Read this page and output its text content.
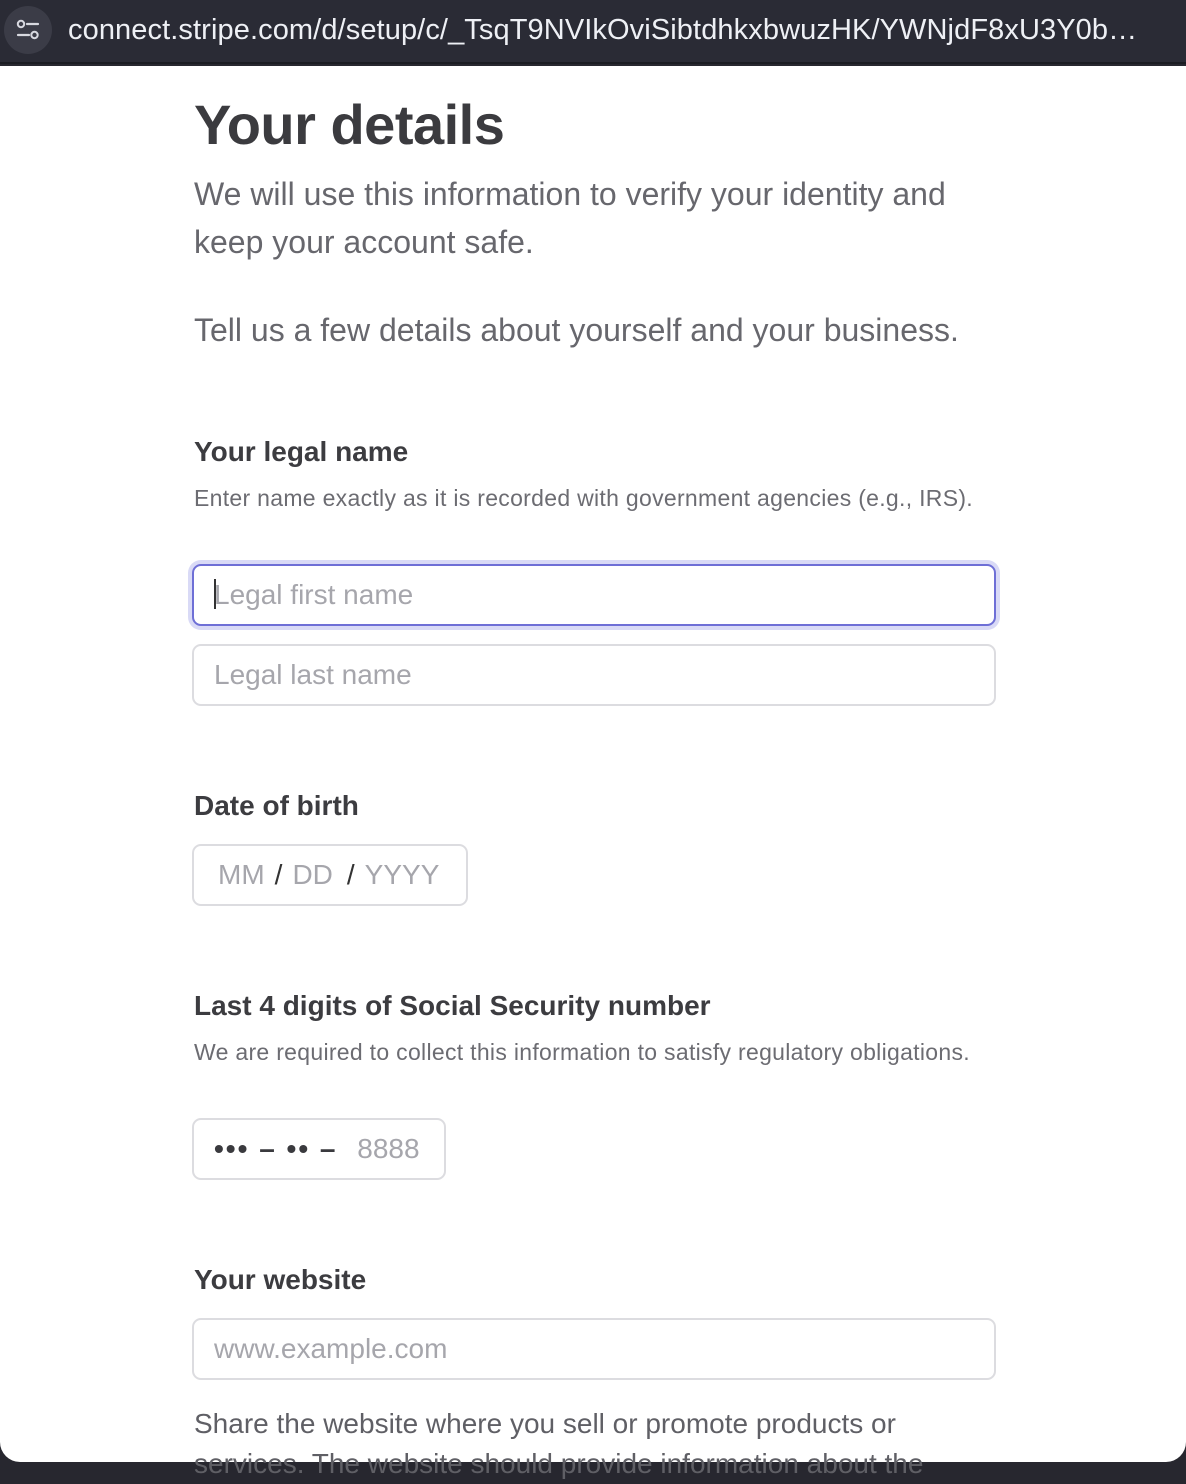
connect.stripe.com/d/setup/c/_TsqT9NVIkOviSibtdhkxbwuzHK/YWNjdF8xU3Y0b…
Your details

We will use this information to verify your identity and keep your account safe.

Tell us a few details about yourself and your business.

Your legal name

Enter name exactly as it is recorded with government agencies (e.g., IRS).

Legal first name
Legal last name
Date of birth
MM / DD / YYYY
Last 4 digits of Social Security number

We are required to collect this information to satisfy regulatory obligations.

••• – •• – 8888
Your website
www.example.com

Share the website where you sell or promote products or services. The website should provide information about the
